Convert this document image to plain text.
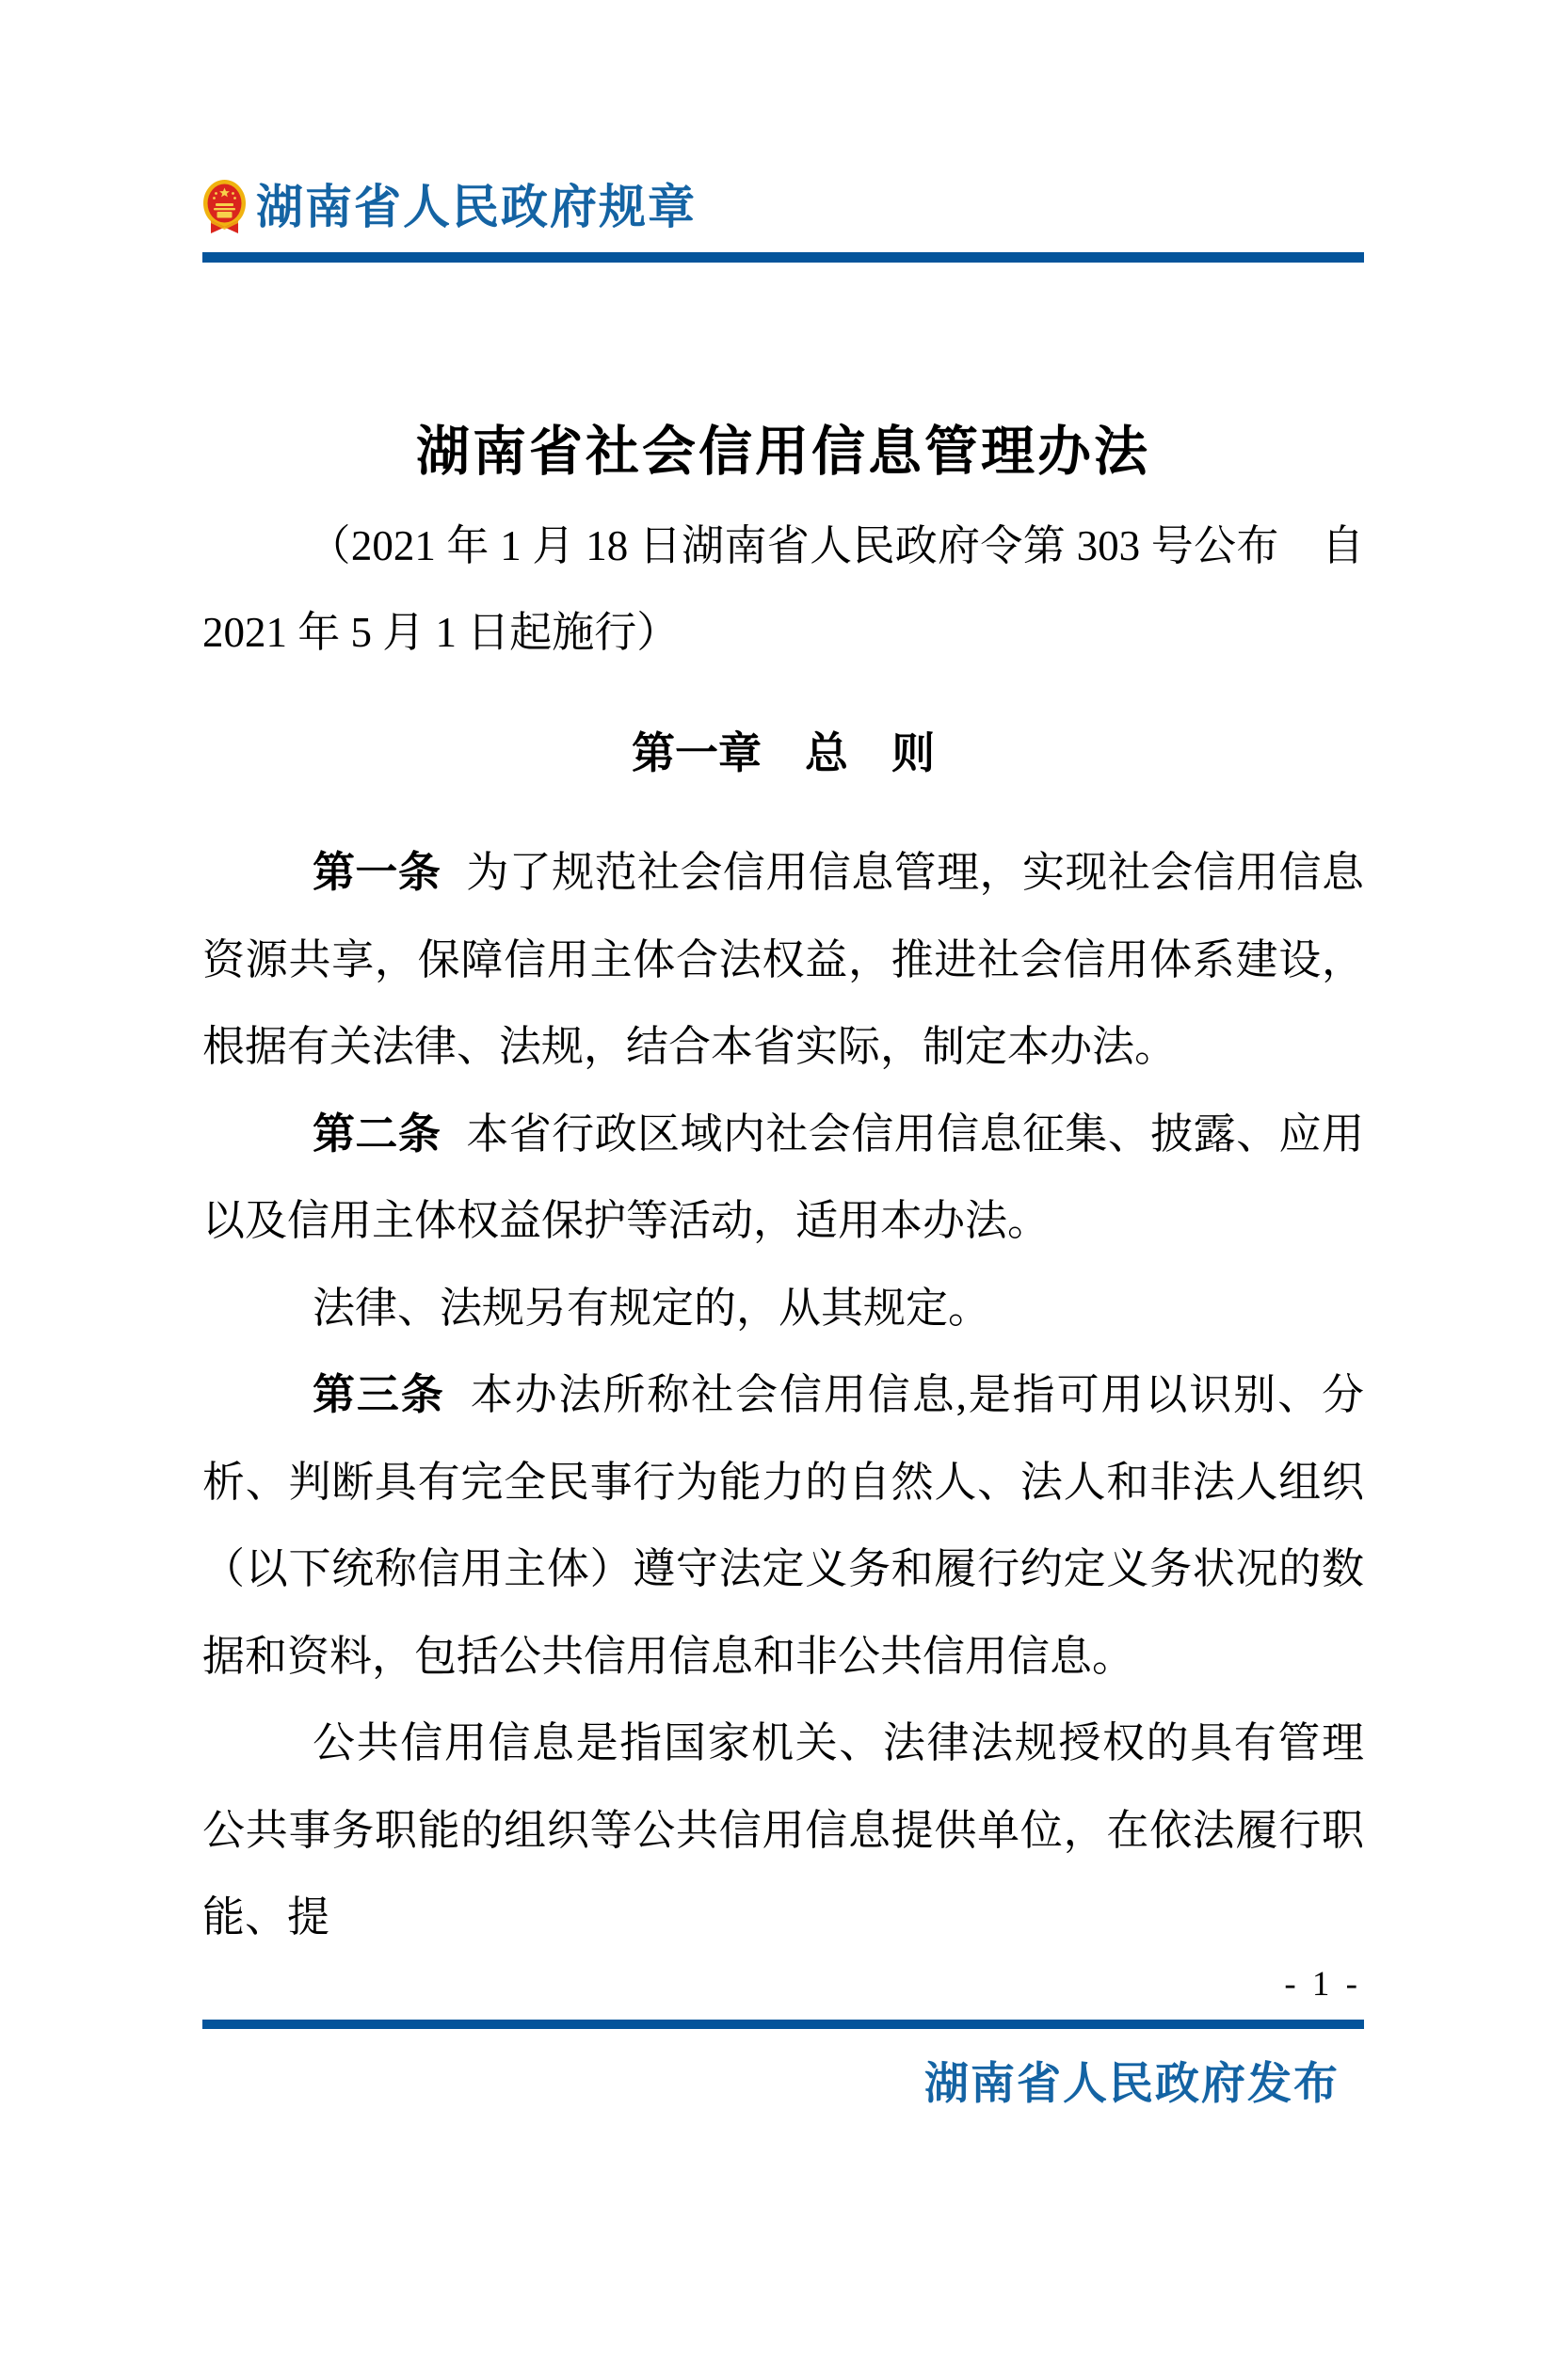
湖南省人民政府规章
湖南省社会信用信息管理办法
（2021 年 1 月 18 日湖南省人民政府令第 303 号公布 自 2021 年 5 月 1 日起施行）
第一章 总 则

第一条 为了规范社会信用信息管理，实现社会信用信息资源共享，保障信用主体合法权益，推进社会信用体系建设，根据有关法律、法规，结合本省实际，制定本办法。

第二条 本省行政区域内社会信用信息征集、披露、应用以及信用主体权益保护等活动，适用本办法。

法律、法规另有规定的，从其规定。

第三条 本办法所称社会信用信息,是指可用以识别、分析、判断具有完全民事行为能力的自然人、法人和非法人组织（以下统称信用主体）遵守法定义务和履行约定义务状况的数据和资料，包括公共信用信息和非公共信用信息。

公共信用信息是指国家机关、法律法规授权的具有管理公共事务职能的组织等公共信用信息提供单位，在依法履行职能、提

- 1 -
湖南省人民政府发布
